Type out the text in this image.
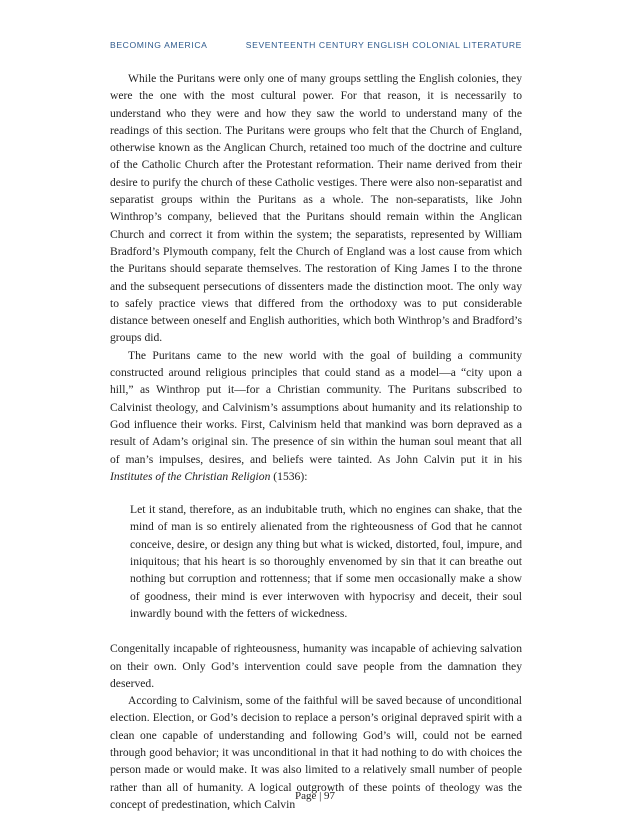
BECOMING AMERICA	SEVENTEENTH CENTURY ENGLISH COLONIAL LITERATURE

While the Puritans were only one of many groups settling the English colonies, they were the one with the most cultural power. For that reason, it is necessarily to understand who they were and how they saw the world to understand many of the readings of this section. The Puritans were groups who felt that the Church of England, otherwise known as the Anglican Church, retained too much of the doctrine and culture of the Catholic Church after the Protestant reformation. Their name derived from their desire to purify the church of these Catholic vestiges. There were also non-separatist and separatist groups within the Puritans as a whole. The non-separatists, like John Winthrop’s company, believed that the Puritans should remain within the Anglican Church and correct it from within the system; the separatists, represented by William Bradford’s Plymouth company, felt the Church of England was a lost cause from which the Puritans should separate themselves. The restoration of King James I to the throne and the subsequent persecutions of dissenters made the distinction moot. The only way to safely practice views that differed from the orthodoxy was to put considerable distance between oneself and English authorities, which both Winthrop’s and Bradford’s groups did.

The Puritans came to the new world with the goal of building a community constructed around religious principles that could stand as a model—a “city upon a hill,” as Winthrop put it—for a Christian community. The Puritans subscribed to Calvinist theology, and Calvinism’s assumptions about humanity and its relationship to God influence their works. First, Calvinism held that mankind was born depraved as a result of Adam’s original sin. The presence of sin within the human soul meant that all of man’s impulses, desires, and beliefs were tainted. As John Calvin put it in his Institutes of the Christian Religion (1536):

Let it stand, therefore, as an indubitable truth, which no engines can shake, that the mind of man is so entirely alienated from the righteousness of God that he cannot conceive, desire, or design any thing but what is wicked, distorted, foul, impure, and iniquitous; that his heart is so thoroughly envenomed by sin that it can breathe out nothing but corruption and rottenness; that if some men occasionally make a show of goodness, their mind is ever interwoven with hypocrisy and deceit, their soul inwardly bound with the fetters of wickedness.

Congenitally incapable of righteousness, humanity was incapable of achieving salvation on their own. Only God’s intervention could save people from the damnation they deserved.

According to Calvinism, some of the faithful will be saved because of unconditional election. Election, or God’s decision to replace a person’s original depraved spirit with a clean one capable of understanding and following God’s will, could not be earned through good behavior; it was unconditional in that it had nothing to do with choices the person made or would make. It was also limited to a relatively small number of people rather than all of humanity. A logical outgrowth of these points of theology was the concept of predestination, which Calvin

Page | 97
